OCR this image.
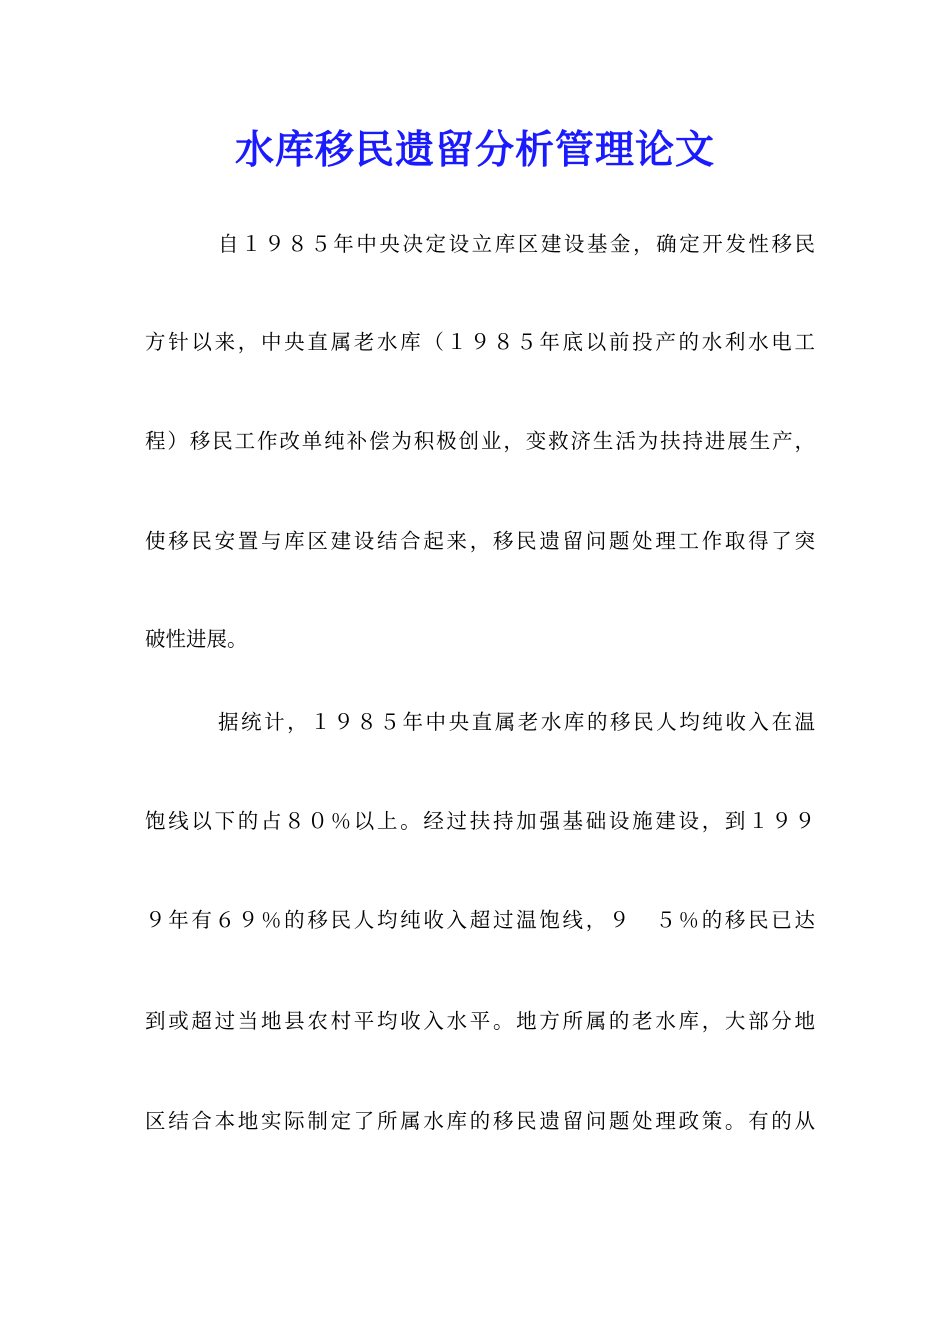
水库移民遗留分析管理论文
自１９８５年中央决定设立库区建设基金，确定开发性移民
方针以来，中央直属老水库（１９８５年底以前投产的水利水电工
程）移民工作改单纯补偿为积极创业，变救济生活为扶持进展生产，
使移民安置与库区建设结合起来，移民遗留问题处理工作取得了突
破性进展。
据统计，１９８５年中央直属老水库的移民人均纯收入在温
饱线以下的占８０％以上。经过扶持加强基础设施建设，到１９９
９年有６９％的移民人均纯收入超过温饱线，９　５％的移民已达
到或超过当地县农村平均收入水平。地方所属的老水库，大部分地
区结合本地实际制定了所属水库的移民遗留问题处理政策。有的从
